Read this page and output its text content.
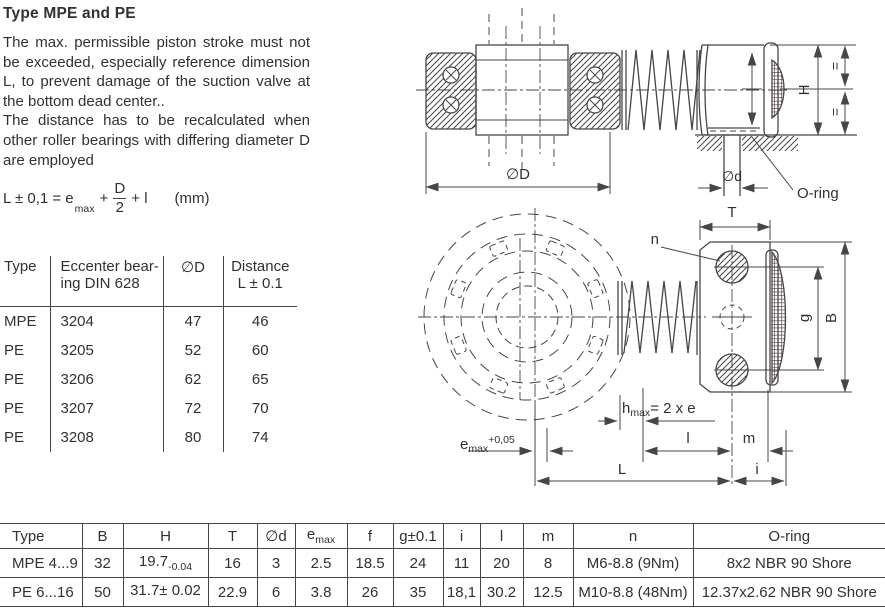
Type MPE and PE
The max. permissible piston stroke must not be exceeded, especially reference dimension L, to prevent damage of the suction valve at the bottom dead center..
The distance has to be recalculated when other roller bearings with differing diameter D are employed
L ± 0,1 = e
$_{max}$
+ $\frac{D}{2} + l$ (mm)
Type	Eccenter bear-
ing DIN 628	∅D	Distance
L ± 0.1
MPE	3204	47	46
PE	3205	52	60
PE	3206	62	65
PE	3207	72	70
PE	3208	80	74
∅D	∅d
H
=
=
O-ring
T
n
g B
$h_{max}= 2$ x e
$e_{max}^{+0,05}$	l	m
L	i
Type	B	H	T	∅d	$e_{max}$	f	g±0.1	i	l	m	n	O-ring
MPE 4...9	32	$19.7_{-0.04}$	16	3	2.5	18.5	24	11	20	8	M6-8.8 (9Nm)	8x2 NBR 90 Shore
PE 6...16	50	31.7± 0.02	22.9	6	3.8	26	35	18,1	30.2	12.5	M10-8.8 (48Nm)	12.37x2.62 NBR 90 Shore
